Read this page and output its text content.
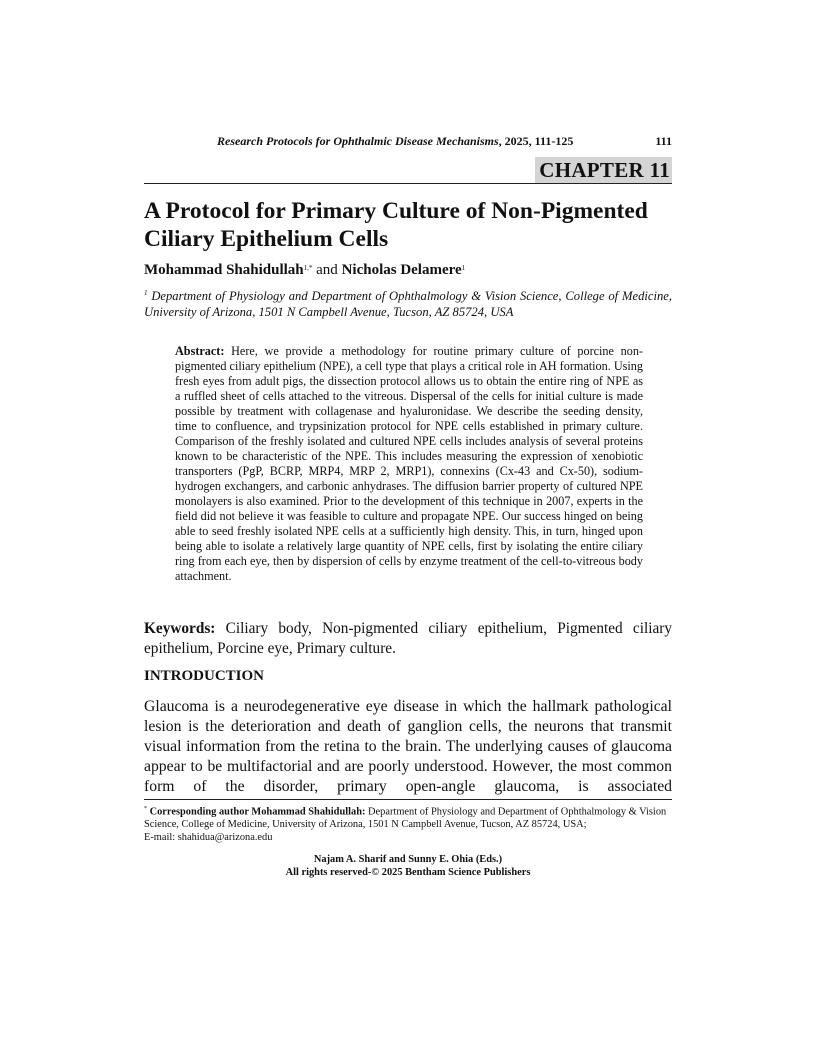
Research Protocols for Ophthalmic Disease Mechanisms, 2025, 111-125	111
CHAPTER 11
A Protocol for Primary Culture of Non-Pigmented Ciliary Epithelium Cells
Mohammad Shahidullah$^{1,*}$ and Nicholas Delamere$^1$
$^1$ Department of Physiology and Department of Ophthalmology & Vision Science, College of Medicine, University of Arizona, 1501 N Campbell Avenue, Tucson, AZ 85724, USA
Abstract: Here, we provide a methodology for routine primary culture of porcine non-pigmented ciliary epithelium (NPE), a cell type that plays a critical role in AH formation. Using fresh eyes from adult pigs, the dissection protocol allows us to obtain the entire ring of NPE as a ruffled sheet of cells attached to the vitreous. Dispersal of the cells for initial culture is made possible by treatment with collagenase and hyaluronidase. We describe the seeding density, time to confluence, and trypsinization protocol for NPE cells established in primary culture. Comparison of the freshly isolated and cultured NPE cells includes analysis of several proteins known to be characteristic of the NPE. This includes measuring the expression of xenobiotic transporters (PgP, BCRP, MRP4, MRP 2, MRP1), connexins (Cx-43 and Cx-50), sodium-hydrogen exchangers, and carbonic anhydrases. The diffusion barrier property of cultured NPE monolayers is also examined. Prior to the development of this technique in 2007, experts in the field did not believe it was feasible to culture and propagate NPE. Our success hinged on being able to seed freshly isolated NPE cells at a sufficiently high density. This, in turn, hinged upon being able to isolate a relatively large quantity of NPE cells, first by isolating the entire ciliary ring from each eye, then by dispersion of cells by enzyme treatment of the cell-to-vitreous body attachment.
Keywords: Ciliary body, Non-pigmented ciliary epithelium, Pigmented ciliary epithelium, Porcine eye, Primary culture.
INTRODUCTION
Glaucoma is a neurodegenerative eye disease in which the hallmark pathological lesion is the deterioration and death of ganglion cells, the neurons that transmit visual information from the retina to the brain. The underlying causes of glaucoma appear to be multifactorial and are poorly understood. However, the most common form of the disorder, primary open-angle glaucoma, is associated
* Corresponding author Mohammad Shahidullah: Department of Physiology and Department of Ophthalmology & Vision Science, College of Medicine, University of Arizona, 1501 N Campbell Avenue, Tucson, AZ 85724, USA;
E-mail: shahidua@arizona.edu
Najam A. Sharif and Sunny E. Ohia (Eds.)
All rights reserved-© 2025 Bentham Science Publishers
